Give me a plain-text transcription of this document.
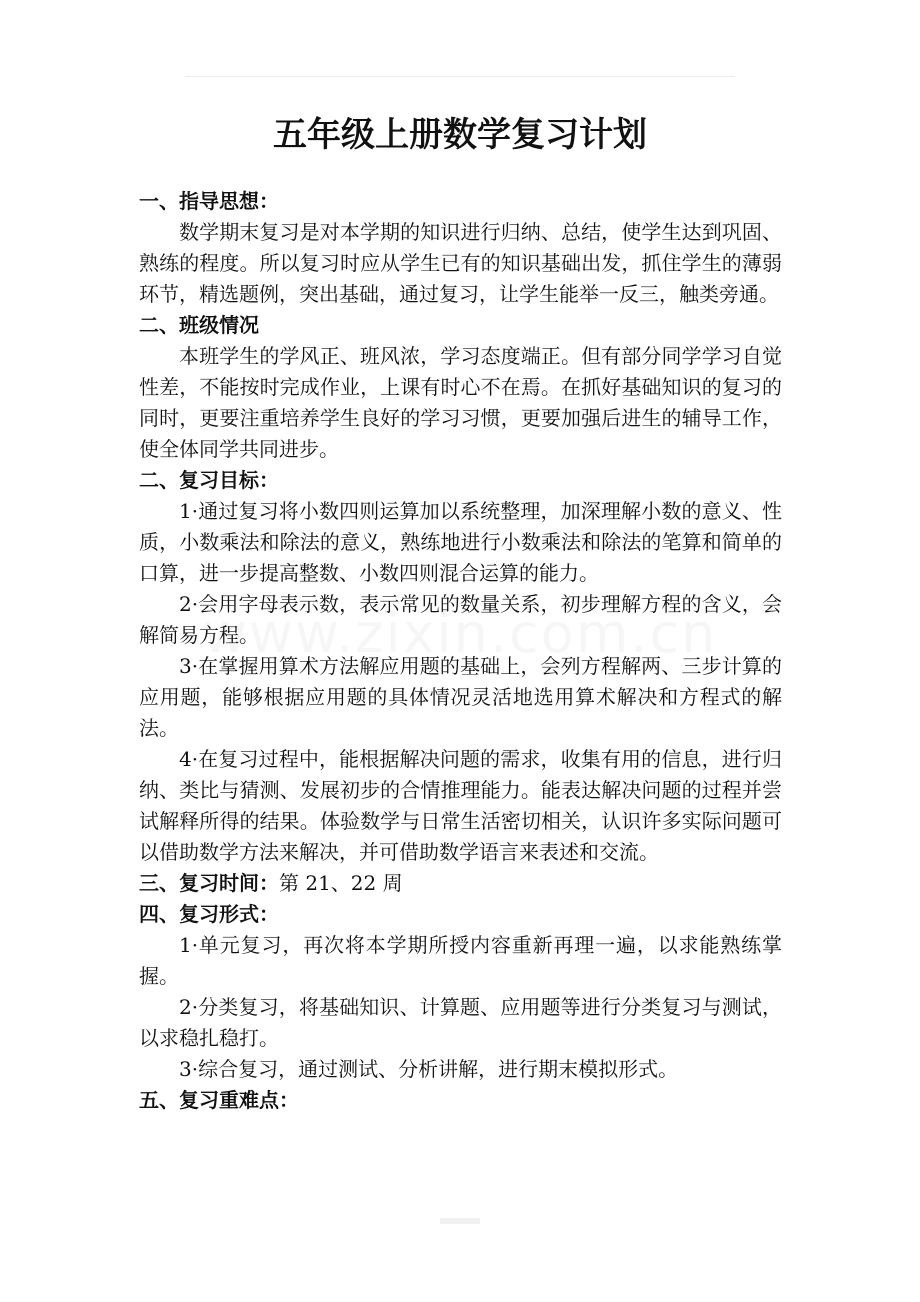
五年级上册数学复习计划

一、指导思想：

数学期末复习是对本学期的知识进行归纳、总结，使学生达到巩固、熟练的程度。所以复习时应从学生已有的知识基础出发，抓住学生的薄弱环节，精选题例，突出基础，通过复习，让学生能举一反三，触类旁通。

二、班级情况

本班学生的学风正、班风浓，学习态度端正。但有部分同学学习自觉性差，不能按时完成作业，上课有时心不在焉。在抓好基础知识的复习的同时，更要注重培养学生良好的学习习惯，更要加强后进生的辅导工作，使全体同学共同进步。

二、复习目标：

1·通过复习将小数四则运算加以系统整理，加深理解小数的意义、性质，小数乘法和除法的意义，熟练地进行小数乘法和除法的笔算和简单的口算，进一步提高整数、小数四则混合运算的能力。

2·会用字母表示数，表示常见的数量关系，初步理解方程的含义，会解简易方程。

3·在掌握用算术方法解应用题的基础上，会列方程解两、三步计算的应用题，能够根据应用题的具体情况灵活地选用算术解决和方程式的解法。

4·在复习过程中，能根据解决问题的需求，收集有用的信息，进行归纳、类比与猜测、发展初步的合情推理能力。能表达解决问题的过程并尝试解释所得的结果。体验数学与日常生活密切相关，认识许多实际问题可以借助数学方法来解决，并可借助数学语言来表述和交流。

三、复习时间：第 21、22 周

四、复习形式：

1·单元复习，再次将本学期所授内容重新再理一遍，以求能熟练掌握。

2·分类复习，将基础知识、计算题、应用题等进行分类复习与测试，以求稳扎稳打。

3·综合复习，通过测试、分析讲解，进行期末模拟形式。

五、复习重难点：
